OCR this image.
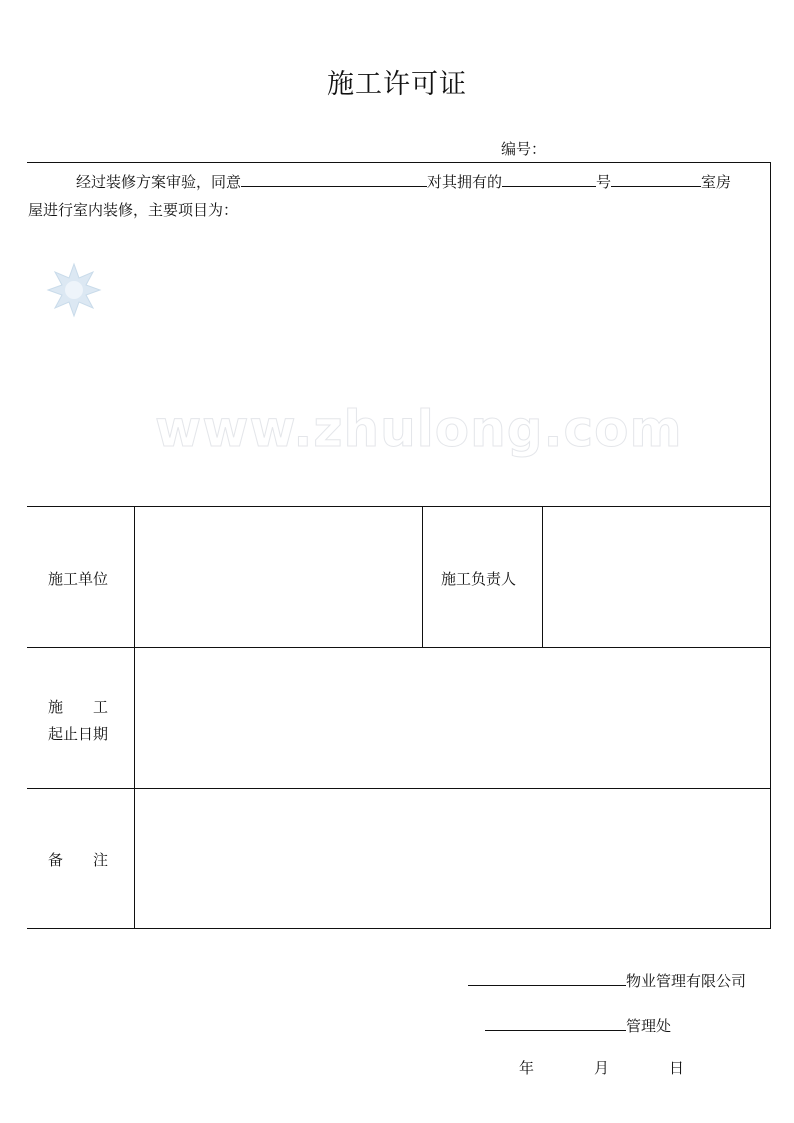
施工许可证
编号：
www.zhulong.com
经过装修方案审验，同意	对其拥有的	号	室房
屋进行室内装修，主要项目为：
施工单位	施工负责人
施　　工
起止日期
备　　注
物业管理有限公司
管理处
年	月	日
